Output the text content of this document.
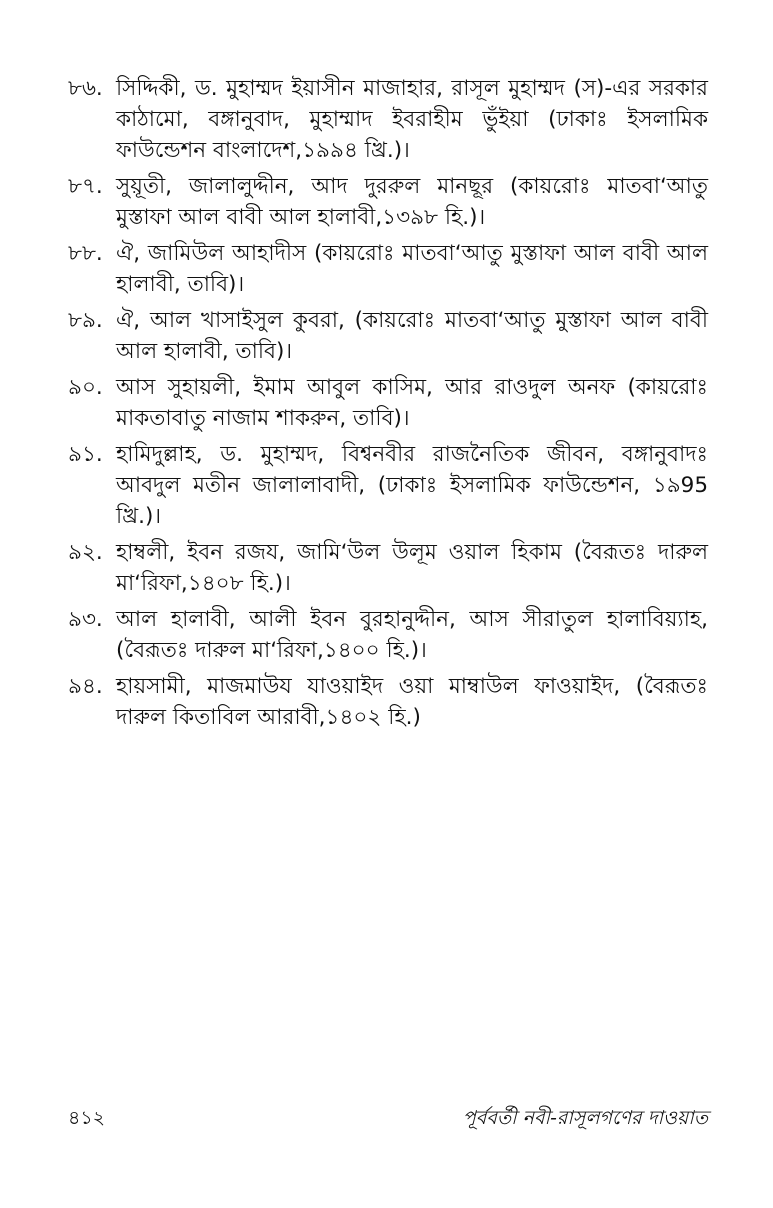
৮৬. সিদ্দিকী, ড. মুহাম্মদ ইয়াসীন মাজাহার, রাসূল মুহাম্মদ (স)-এর সরকার কাঠামো, বঙ্গানুবাদ, মুহাম্মাদ ইবরাহীম ভুঁইয়া (ঢাকাঃ ইসলামিক ফাউন্ডেশন বাংলাদেশ,১৯৯৪ খ্রি.)।
৮৭. সুয়ূতী, জালালুদ্দীন, আদ দুররুল মানছূর (কায়রোঃ মাতবা‘আতু মুস্তাফা আল বাবী আল হালাবী,১৩৯৮ হি.)।
৮৮. ঐ, জামিউল আহাদীস (কায়রোঃ মাতবা‘আতু মুস্তাফা আল বাবী আল হালাবী, তাবি)।
৮৯. ঐ, আল খাসাইসুল কুবরা, (কায়রোঃ মাতবা‘আতু মুস্তাফা আল বাবী আল হালাবী, তাবি)।
৯০. আস সুহায়লী, ইমাম আবুল কাসিম, আর রাওদুল অনফ (কায়রোঃ মাকতাবাতু নাজাম শাকরুন, তাবি)।
৯১. হামিদুল্লাহ, ড. মুহাম্মদ, বিশ্বনবীর রাজনৈতিক জীবন, বঙ্গানুবাদঃ আবদুল মতীন জালালাবাদী, (ঢাকাঃ ইসলামিক ফাউন্ডেশন, ১৯95 খ্রি.)।
৯২. হাম্বলী, ইবন রজয, জামি‘উল উলূম ওয়াল হিকাম (বৈরূতঃ দারুল মা‘রিফা,১৪০৮ হি.)।
৯৩. আল হালাবী, আলী ইবন বুরহানুদ্দীন, আস সীরাতুল হালাবিয়্যাহ, (বৈরূতঃ দারুল মা‘রিফা,১৪০০ হি.)।
৯৪. হায়সামী, মাজমাউয যাওয়াইদ ওয়া মাম্বাউল ফাওয়াইদ, (বৈরূতঃ দারুল কিতাবিল আরাবী,১৪০২ হি.)
৪১২	পূর্ববর্তী নবী-রাসূলগণের দাওয়াত
